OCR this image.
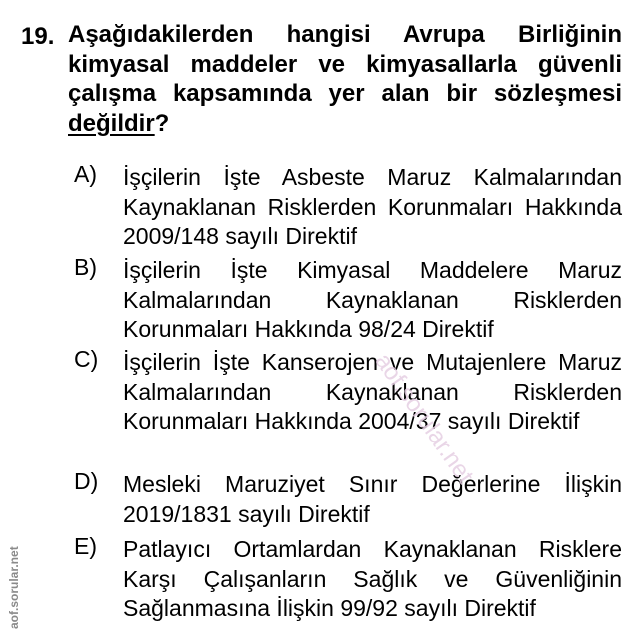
19. Aşağıdakilerden hangisi Avrupa Birliğinin kimyasal maddeler ve kimyasallarla güvenli çalışma kapsamında yer alan bir sözleşmesi değildir?
A) İşçilerin İşte Asbeste Maruz Kalmalarından Kaynaklanan Risklerden Korunmaları Hakkında 2009/148 sayılı Direktif
B) İşçilerin İşte Kimyasal Maddelere Maruz Kalmalarından Kaynaklanan Risklerden Korunmaları Hakkında 98/24 Direktif
C) İşçilerin İşte Kanserojen ve Mutajenlere Maruz Kalmalarından Kaynaklanan Risklerden Korunmaları Hakkında 2004/37 sayılı Direktif
D) Mesleki Maruziyet Sınır Değerlerine İlişkin 2019/1831 sayılı Direktif
E) Patlayıcı Ortamlardan Kaynaklanan Risklere Karşı Çalışanların Sağlık ve Güvenliğinin Sağlanmasına İlişkin 99/92 sayılı Direktif
aof.sorular.net
aof.sorular.net
